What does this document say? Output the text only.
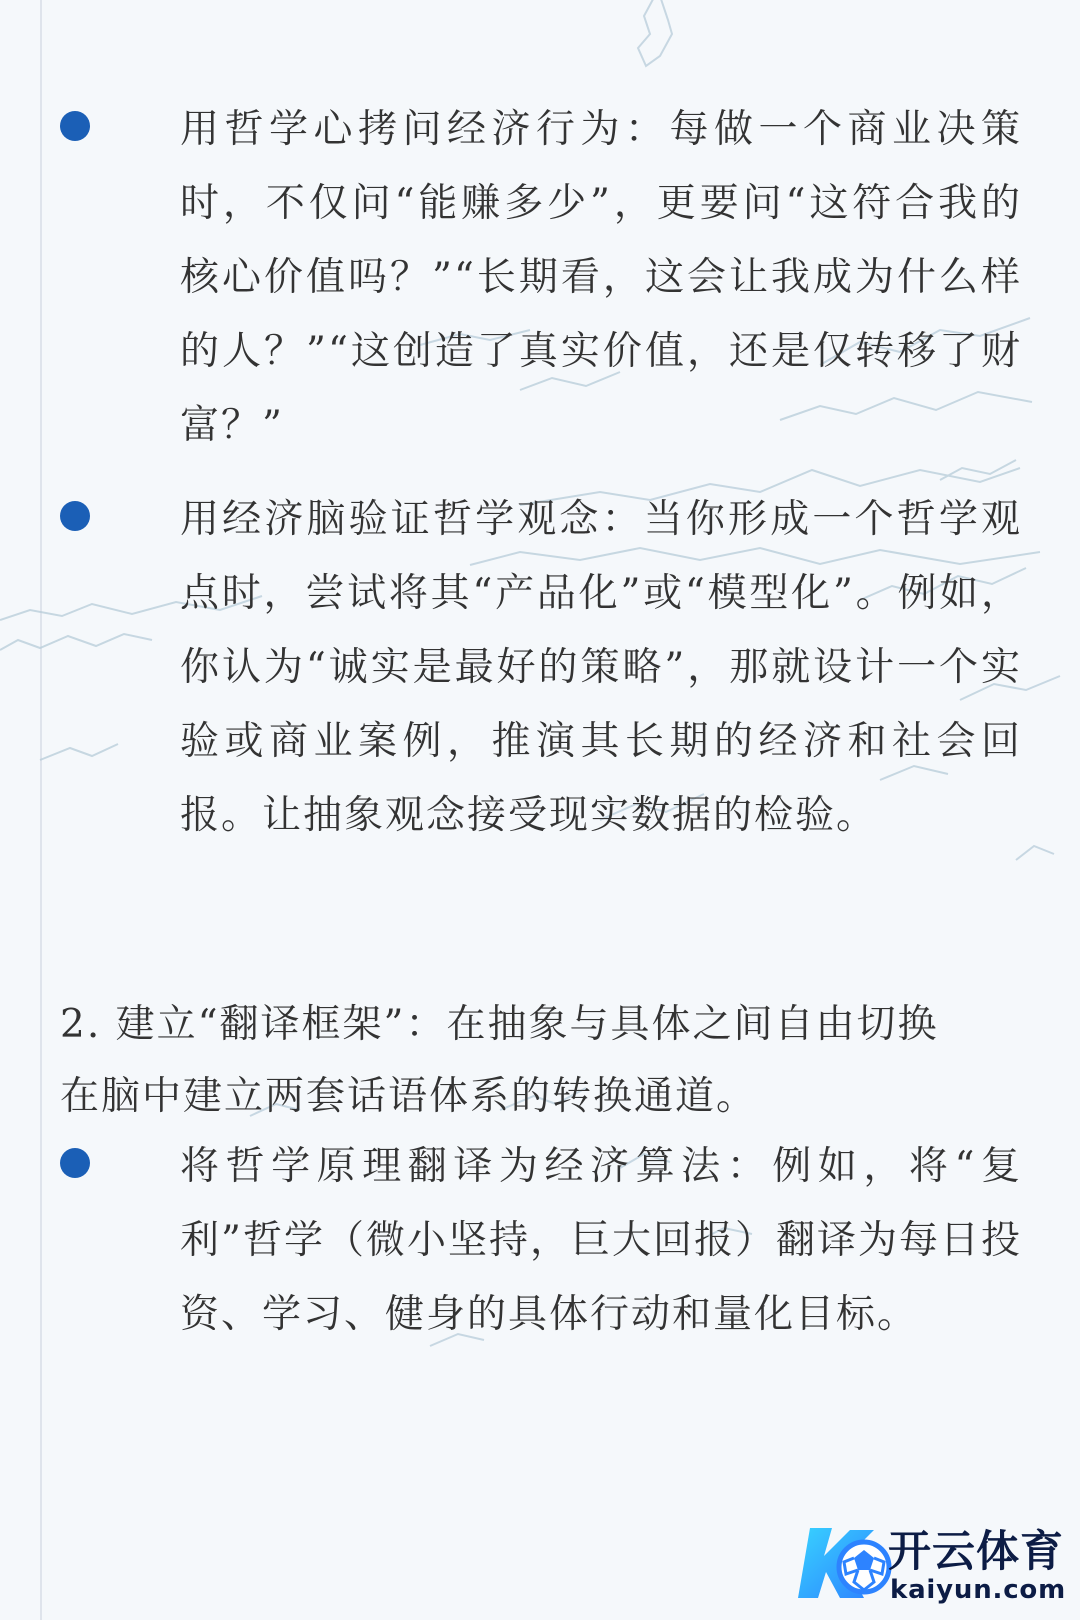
用哲学心拷问经济行为：每做一个商业决策时，不仅问“能赚多少”，更要问“这符合我的核心价值吗？”“长期看，这会让我成为什么样的人？”“这创造了真实价值，还是仅转移了财富？”
用经济脑验证哲学观念：当你形成一个哲学观点时，尝试将其“产品化”或“模型化”。例如，你认为“诚实是最好的策略”，那就设计一个实验或商业案例，推演其长期的经济和社会回报。让抽象观念接受现实数据的检验。
2. 建立“翻译框架”：在抽象与具体之间自由切换
在脑中建立两套话语体系的转换通道。
将哲学原理翻译为经济算法：例如，将“复利”哲学（微小坚持，巨大回报）翻译为每日投资、学习、健身的具体行动和量化目标。
开云体育
kaiyun.com
